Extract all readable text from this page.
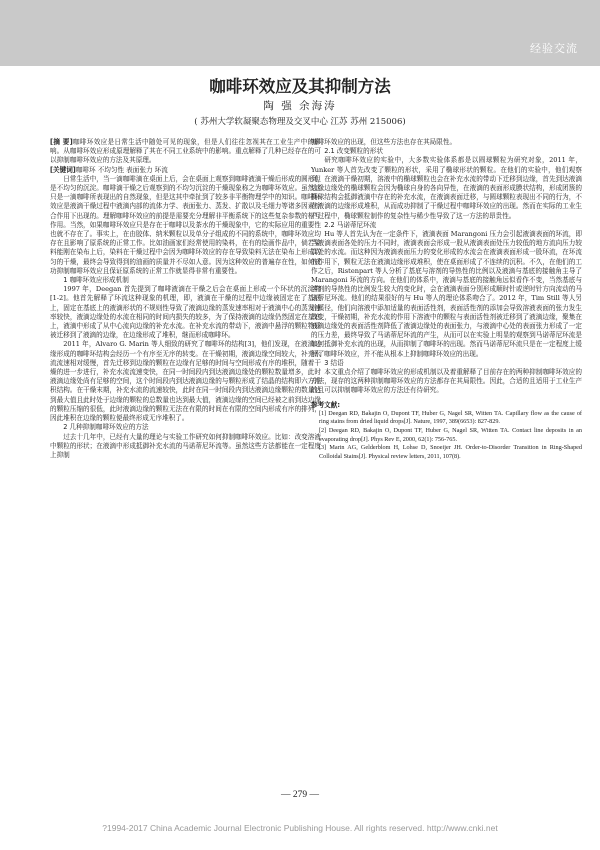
经验交流
咖啡环效应及其抑制方法
陶 强 余海涛
( 苏州大学软凝聚态物理及交叉中心 江苏 苏州 215006)

[摘 要]咖啡环效应是日常生活中随处可见的现象，但是人们往往忽视其在工业生产中的影响。从咖啡环效应形成原理解释了其在不同工业系统中的影响。重点解释了几种已经存在的可以抑制咖啡环效应的方法及其原理。

[关键词]咖啡环 不均匀性 表面张力 环流

日常生活中，当一滴咖啡滴在桌面上后，会在桌面上观察到咖啡液滴干燥后形成的圆形但是不均匀的沉淀。咖啡滴干燥之后观察到的不均匀沉淀的干燥现象称之为咖啡环效应。虽然这只是一滴咖啡所表现出的自然现象，但是这其中牵扯到了较多非平衡物理学中的知识。咖啡环效应是液滴干燥过程中液滴内部的流体力学、表面张力、蒸发、扩散以及毛细力等诸多因素综合作用下出现的。理解咖啡环效应的前提是需要充分理解非平衡系统下的这些复杂参数的相互作用。当然，如果咖啡环效应只是存在于咖啡以及茶水的干燥现象中，它的实际应用的重要性也就不存在了。事实上，在由胶体、纳米颗粒以及单分子组成的不同的系统中，咖啡环效应均存在且影响了原系统的正常工作。比如油画家们经常使用的染料，在有的绘画作品中，倘若染料能刚在染布上后，染料在干燥过程中会因为咖啡环效应的存在导致染料无法在染布上形成均匀的干燥，最终会导致得到的油画的质量并不尽如人意。因为这种效应的普遍存在性，如何成功抑制咖啡环效应且保证原系统的正常工作就显得非常有重要性。

1 咖啡环效应形成机制

1997 年，Deegan 首先提到了咖啡液滴在干燥之后会在桌面上形成一个环状的沉淀物[1-2]。他首先解释了环流这种现象的机理，即，液滴在干燥的过程中边缘被固定在了基底上，固定在基底上的液滴形状的不规则性导致了液滴边缘的蒸发速率相对于液滴中心的蒸发速率较快，液滴边缘处的水流在相同的时间内损失的较多，为了保持液滴的边缘仍然固定在基底上，液滴中形成了从中心流向边缘的补充水流。在补充水流的带动下，液滴中悬浮的颗粒物质被迁移到了液滴的边缘，在边缘形成了堆积，继而形成咖啡环。

2011 年，Alvaro G. Marin 等人细致的研究了咖啡环的结构[3]，他们发现，在液滴边缘形成的咖啡环结构会经历一个有序至无序的转变。在干燥初期，液滴边缘空间较大，补充水流流速相对缓慢，首先迁移到边缘的颗粒在边缘有足够的时间与空间形成有序的堆积，随着干燥的进一步进行，补充水流流速变快，在同一时间段内到达液滴边缘处的颗粒数量增多，此时液滴边缘处尚有足够的空间，这个时间段内到达液滴边缘的与颗粒形成了结晶的结构即六方堆积结构。在干燥末期，补充水流的流速较快，此时在同一时间段内到达液滴边缘颗粒的数量达到最大值且此时处于边缘的颗粒的总数量也达到最大值，液滴边缘的空间已经被之前到达边缘的颗粒压缩的很低，此时液滴边缘的颗粒无法在有限的时间在有限的空间内形成有序的排列，因此堆积在边缘的颗粒便最终形成无序堆积了。

2 几种抑制咖啡环效应的方法

过去十几年中，已经有大量的理论与实验工作研究如何抑制咖啡环效应。比如：改变溶液中颗粒的形状；在液滴中形成抵御补充水流的马诺蒂尼环流等。虽然这些方法都能在一定程度上抑制

咖啡环效应的出现，但这些方法也存在其局限性。

2.1 改变颗粒的形状

研究咖啡环效应的实验中，大多数实验体系都是以圆球颗粒为研究对象，2011 年，Yunker 等人首先改变了颗粒的形状，采用了椭球形状的颗粒。在他们的实验中，他们观察到，在液滴干燥初期，溶液中的椭球颗粒也会在补充水流的带动下迁移到边缘，首先到达液滴边缘边缘处的椭球颗粒会因为椭球自身的各向异性，在液滴的表面形成膜状结构，形成团簇的椭球结构会抵御液滴中存在的补充水流，在液滴表面迁移，与圆球颗粒表现出不同的行为，不在液滴的边缘形成堆积，从而成功抑制了干燥过程中咖啡环效应的出现。然而在实际的工业生产过程中，椭球颗粒制作的复杂性与稀少性导致了这一方法的昂贵性。

2.2 马诺蒂尼环流

Hu 等人首先认为在一定条件下，液滴表面 Marangoni 压力会引起液滴表面的环流，即当液滴表面各处的压力不同时，液滴表面会形成一股从液滴表面处压力较低的地方流向压力较高处的水流。而这种因为液滴表面压力的变化形成的水流会在液滴表面形成一股环流，在环流的作用下，颗粒无法在液滴边缘形成堆积，使在桌面形成了不连续的沉积。不久，在他们的工作之后，Ristenpart 等人分析了基底与溶剂的导热性的比例以及液滴与基底的接触角主导了 Marangoni 环流的方向。在他们的体系中，液滴与基底的接触角远似看作不变，当然基底与溶剂的导热性的比例发生较大的变化时，会在液滴表面分别形成顺时针或逆时针方向流动的马诺蒂尼环流。他们的结果很好的与 Hu 等人的理论体系吻合了。2012 年，Tim Still 等人另辟蹊径，他们向溶液中添加适量的表面活性剂，表面活性剂的添加会导致溶液表面的张力发生改变，干燥初期，补充水流的作用下溶液中的颗粒与表面活性剂被迁移到了液滴边缘，聚集在液滴边缘处的表面活性剂降低了液滴边缘处的表面张力，与液滴中心处的表面张力形成了一定的压力差，最终导致了马诺蒂尼环流的产生，从而可以在实验上明显的观察到马诺蒂尼环流是如何抵御补充水流的出现，从而抑制了咖啡环的出现。然而马诺蒂尼环流只是在一定程度上缓解了咖啡环效应，并不能从根本上抑制咖啡环效应的出现。

3 结语

本文重点介绍了咖啡环效应的形成机制以及着重解释了目前存在的两种抑制咖啡环效应的方法，现存的这两种抑制咖啡环效应的方法都存在其局限性。因此，合适的且适用于工业生产的且可以抑制咖啡环效应的方法还有待研究。

参考文献:

[1] Deegan RD, Bakajin O, Dupont TF, Huber G, Nagel SR, Witten TA. Capillary flow as the cause of ring stains from dried liquid drops[J]. Nature, 1997, 389(6653): 827-829.

[2] Deegan RD, Bakajin O, Dupont TF, Huber G, Nagel SR, Witten TA. Contact line deposits in an evaporating drop[J]. Phys Rev E, 2000, 62(1): 756-765.

[3] Marin AG, Gelderblom H, Lohse D, Snoeijer JH. Order-to-Disorder Transition in Ring-Shaped Colloidal Stains[J]. Physical review letters, 2011, 107(8).

— 279 —
?1994-2017 China Academic Journal Electronic Publishing House. All rights reserved. http://www.cnki.net
